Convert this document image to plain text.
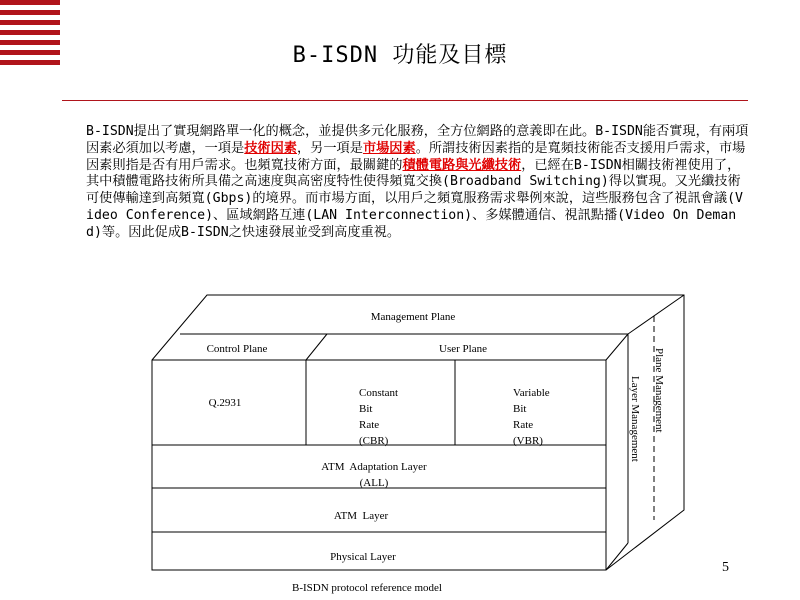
B-ISDN 功能及目標
B-ISDN提出了實現網路單一化的概念，並提供多元化服務，全方位網路的意義即在此。B-ISDN能否實現，有兩項因素必須加以考慮，一項是技術因素，另一項是市場因素。所謂技術因素指的是寬頻技術能否支援用戶需求，市場因素則指是否有用戶需求。也頻寬技術方面，最關鍵的積體電路與光纖技術，已經在B-ISDN相關技術裡使用了，其中積體電路技術所具備之高速度與高密度特性使得頻寬交換(Broadband Switching)得以實現。又光纖技術可使傳輸達到高頻寬(Gbps)的境界。而市場方面，以用戶之頻寬服務需求舉例來說，這些服務包含了視訊會議(Video Conference)、區域網路互連(LAN Interconnection)、多媒體通信、視訊點播(Video On Demand)等。因此促成B-ISDN之快速發展並受到高度重視。
Management Plane
Control Plane	User Plane
Q.2931
Constant
Bit
Rate
(CBR)
Variable
Bit
Rate
(VBR)
ATM  Adaptation Layer
(ALL)
ATM  Layer
Physical Layer
Plane Management
Layer Management
5
B-ISDN protocol reference model
